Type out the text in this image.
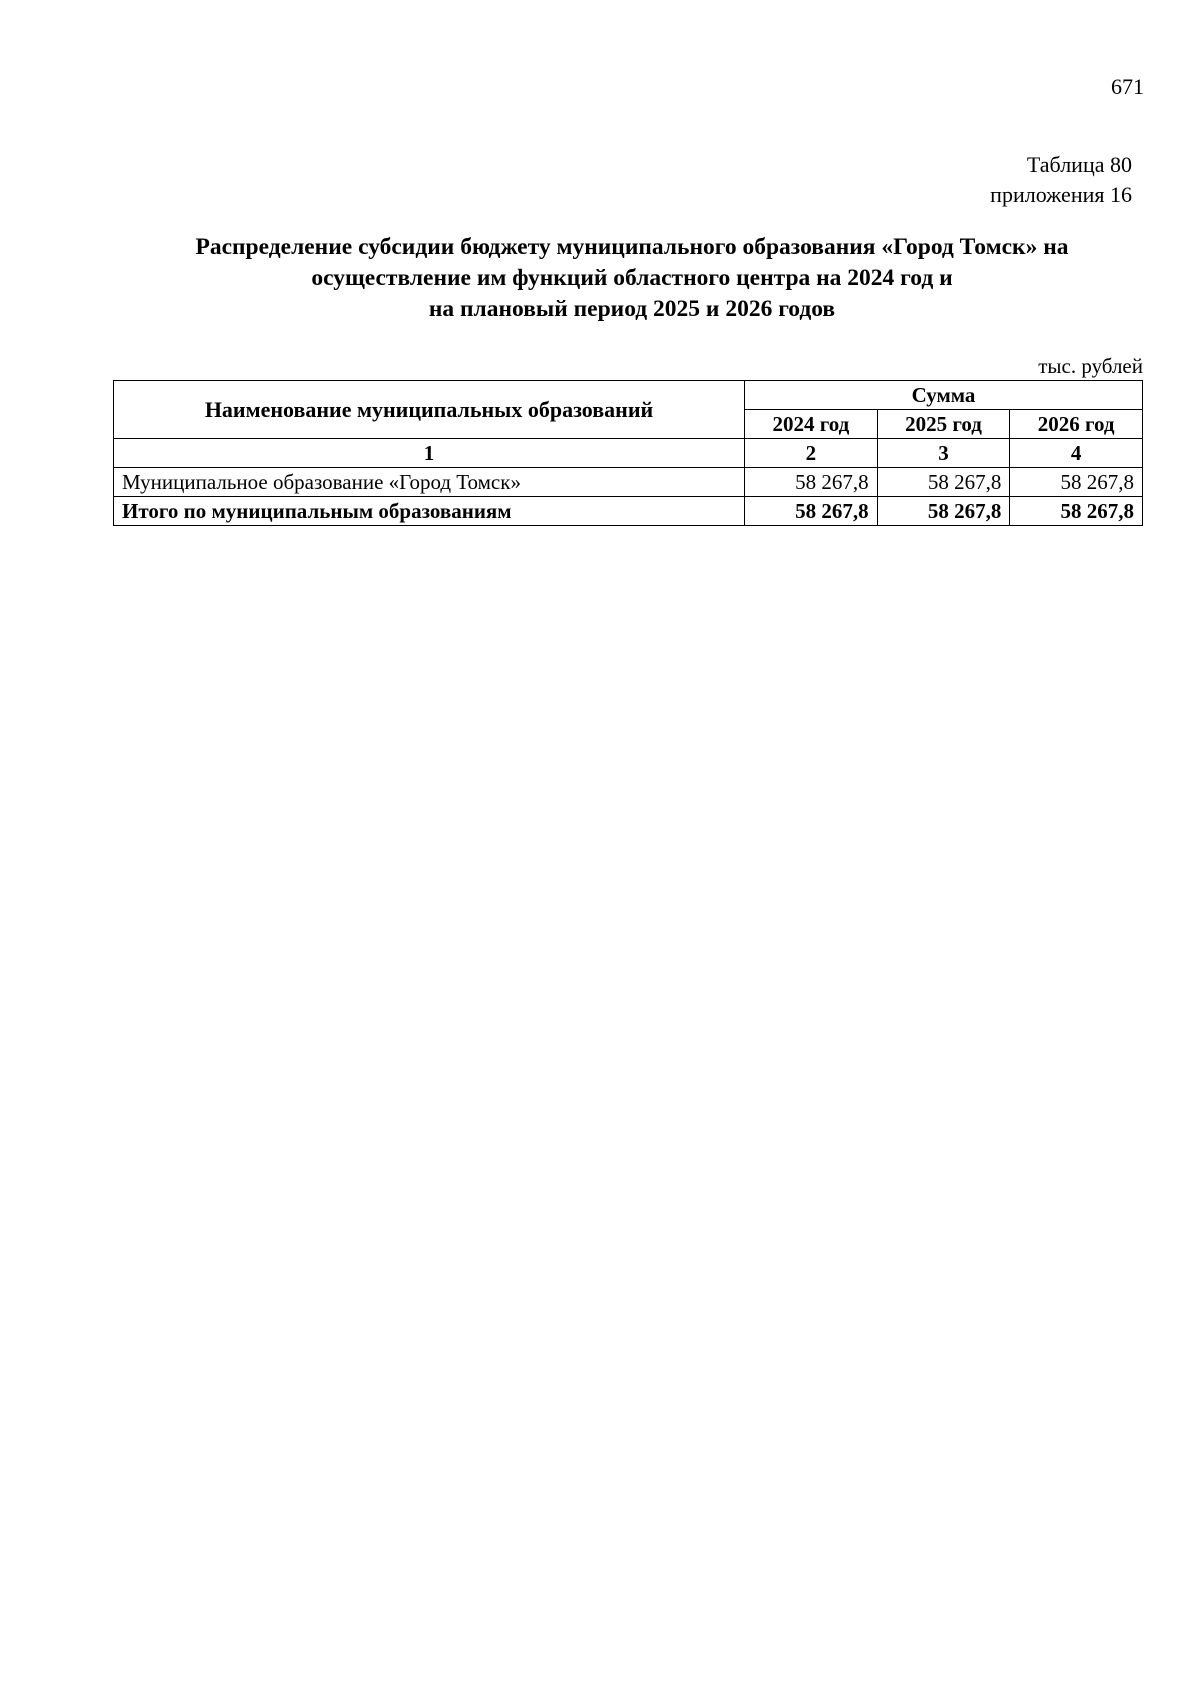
671
Таблица 80
приложения 16
Распределение субсидии бюджету муниципального образования «Город Томск» на
осуществление им функций областного центра на 2024 год и
на плановый период 2025 и 2026 годов
тыс. рублей
Наименование муниципальных образований	Сумма		
	2024 год	2025 год	2026 год
1	2	3	4
Муниципальное образование «Город Томск»	58 267,8	58 267,8	58 267,8
Итого по муниципальным образованиям	58 267,8	58 267,8	58 267,8
